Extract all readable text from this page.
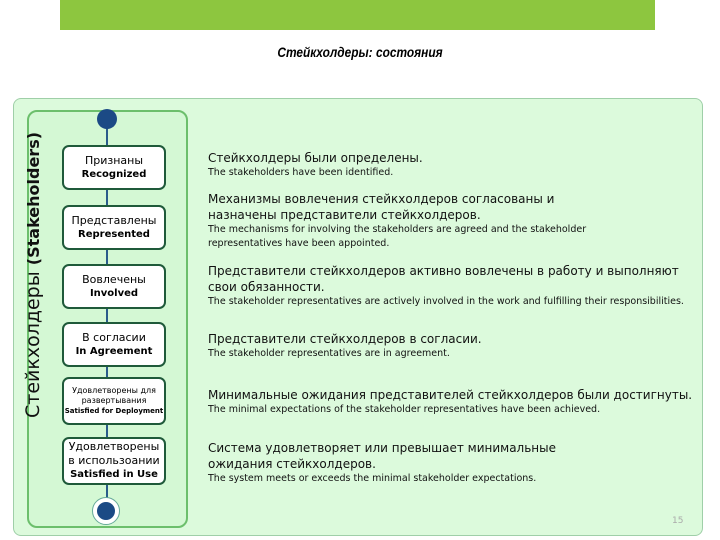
Стейкхолдеры: состояния
Стейкхолдеры (Stakeholders)	Признаны
Recognized
Представлены
Represented
Вовлечены
Involved
В согласии
In Agreement
Удовлетворены для развертывания
Satisfied for Deployment
Удовлетворены в использоании
Satisfied in Use
Стейкхолдеры были определены.
The stakeholders have been identified.
Механизмы вовлечения стейкхолдеров согласованы и назначены представители стейкхолдеров.
The mechanisms for involving the stakeholders are agreed and the stakeholder representatives have been appointed.
Представители стейкхолдеров активно вовлечены в работу и выполняют свои обязанности.
The stakeholder representatives are actively involved in the work and fulfilling their responsibilities.
Представители стейкхолдеров в согласии.
The stakeholder representatives are in agreement.
Минимальные ожидания представителей стейкхолдеров были достигнуты.
The minimal expectations of the stakeholder representatives have been achieved.
Система удовлетворяет или превышает минимальные ожидания стейкхолдеров.
The system meets or exceeds the minimal stakeholder expectations.
15
